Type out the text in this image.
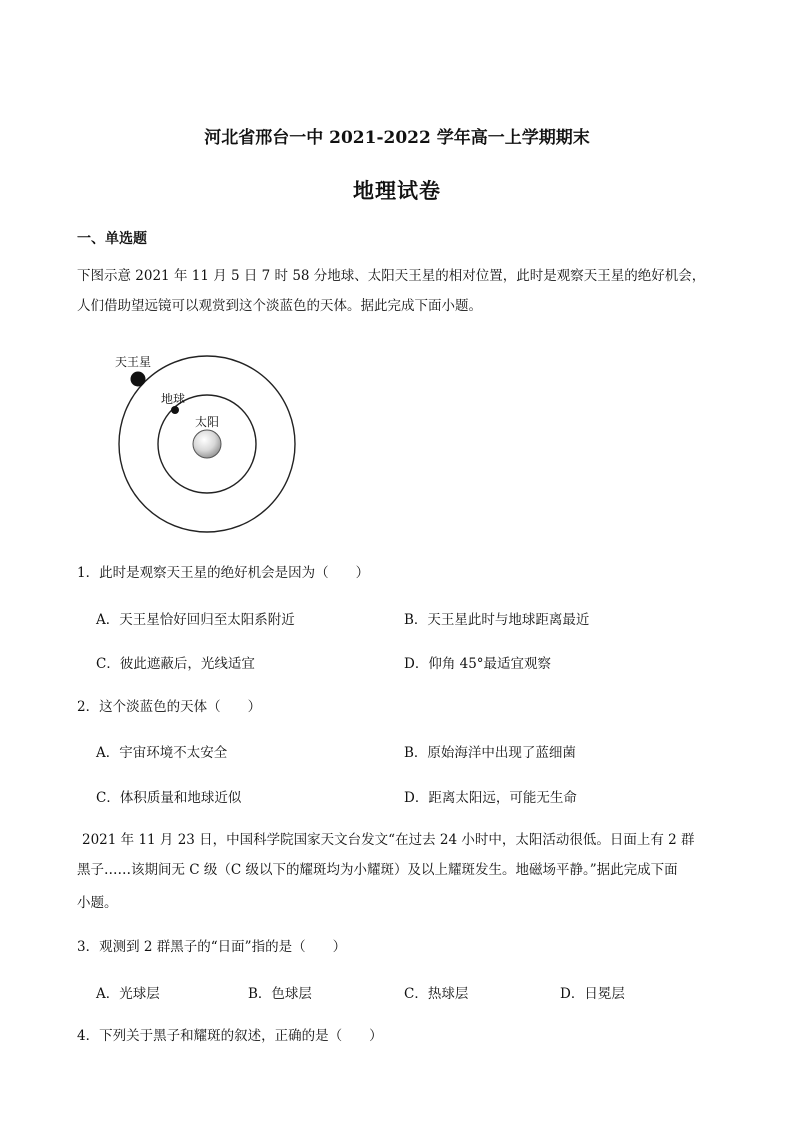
河北省邢台一中 2021-2022 学年高一上学期期末
地理试卷
一、单选题
下图示意 2021 年 11 月 5 日 7 时 58 分地球、太阳天王星的相对位置，此时是观察天王星的绝好机会，
人们借助望远镜可以观赏到这个淡蓝色的天体。据此完成下面小题。
天王星
地球
太阳
1．此时是观察天王星的绝好机会是因为（　　）
A．天王星恰好回归至太阳系附近	B．天王星此时与地球距离最近
C．彼此遮蔽后，光线适宜	D．仰角 45°最适宜观察
2．这个淡蓝色的天体（　　）
A．宇宙环境不太安全	B．原始海洋中出现了蓝细菌
C．体积质量和地球近似	D．距离太阳远，可能无生命
2021 年 11 月 23 日，中国科学院国家天文台发文“在过去 24 小时中，太阳活动很低。日面上有 2 群
黑子……该期间无 C 级（C 级以下的耀斑均为小耀斑）及以上耀斑发生。地磁场平静。”据此完成下面
小题。
3．观测到 2 群黑子的“日面”指的是（　　）
A．光球层	B．色球层	C．热球层	D．日冕层
4．下列关于黑子和耀斑的叙述，正确的是（　　）
